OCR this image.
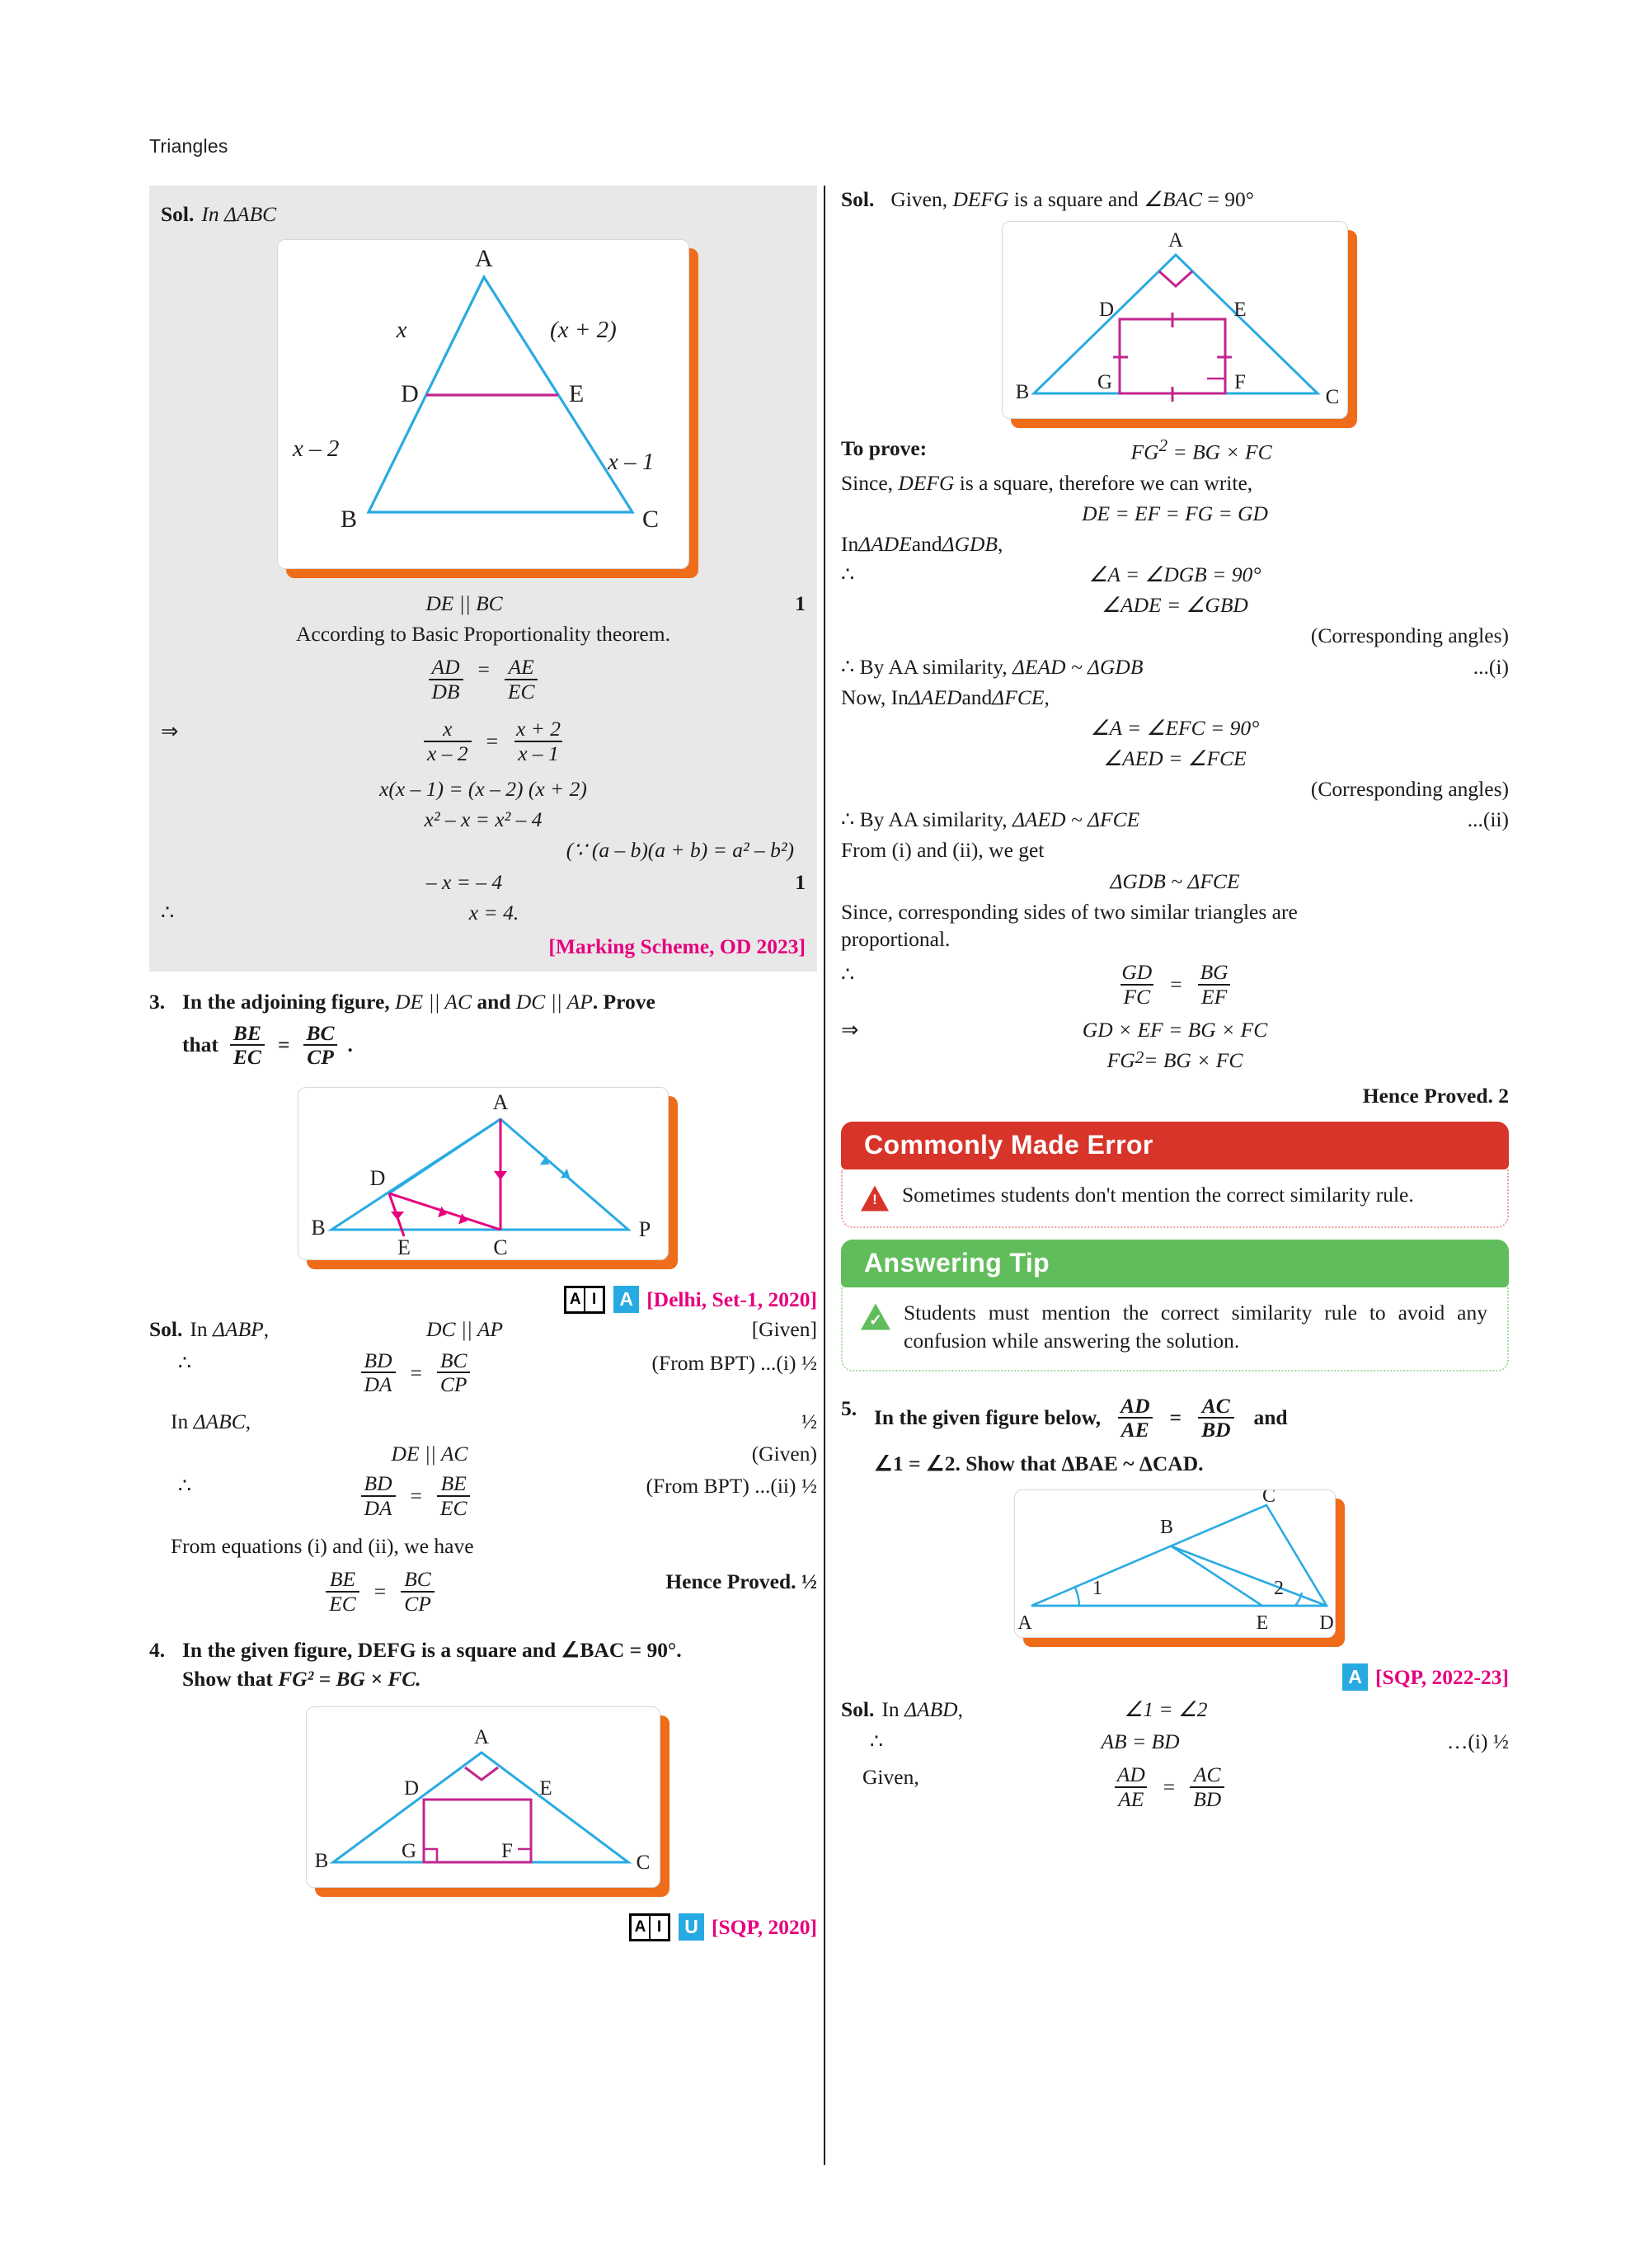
Triangles
Sol. In ΔABC
A
B	C
D	E
x	(x + 2)
x – 2	x – 1
DE || BC	1
According to Basic Proportionality theorem.
$\frac{AD}{DB} = \frac{AE}{EC}$
⇒	$\frac{x}{x - 2} = \frac{x + 2}{x - 1}$
x(x – 1) = (x – 2) (x + 2)
x² – x = x² – 4
(∵ (a – b)(a + b) = a² – b²)
– x = – 4	1
∴	x = 4.
[Marking Scheme, OD 2023]
3. In the adjoining figure, DE || AC and DC || AP. Prove
that $\frac{BE}{EC} = \frac{BC}{CP}$ .
A
D
B
E	C
P
A I	A [Delhi, Set-1, 2020]
Sol. In ΔABP,	DC || AP	[Given]
∴	$\frac{BD}{DA} = \frac{BC}{CP}$	(From BPT) ...(i) ½
In ΔABC,	½
DE || AC	(Given)
∴	$\frac{BD}{DA} = \frac{BE}{EC}$	(From BPT) ...(ii) ½
From equations (i) and (ii), we have
$\frac{BE}{EC} = \frac{BC}{CP}$	Hence Proved. ½
4. In the given figure, DEFG is a square and ∠BAC = 90°.
Show that FG² = BG × FC.
A
D	E
B	G	F
C
A I	U [SQP, 2020]
Sol. Given, DEFG is a square and ∠BAC = 90°
A
D	E
B	G	F
C
To prove:	$FG^2$ = BG × FC
Since, DEFG is a square, therefore we can write,
DE = EF = FG = GD
In ΔADE and ΔGDB ,
∴	∠A = ∠DGB = 90°
∠ADE = ∠GBD
(Corresponding angles)
∴ By AA similarity, ΔEAD ~ ΔGDB	...(i)
Now, In ΔAED and ΔFCE ,
∠A = ∠EFC = 90°
∠AED = ∠FCE
(Corresponding angles)
∴ By AA similarity, ΔAED ~ ΔFCE	...(ii)
From (i) and (ii), we get
ΔGDB ~ ΔFCE
Since, corresponding sides of two similar triangles are
proportional.
∴	$\frac{GD}{FC} = \frac{BG}{EF}$
⇒	GD × EF = BG × FC
FG 2 = BG × FC
Hence Proved. 2
Commonly Made Error
!

Sometimes students don't mention the correct similarity rule.

Answering Tip
✓

Students must mention the correct similarity rule to avoid any confusion while answering the solution.

5. In the given figure below, $\frac{AD}{AE} = \frac{AC}{BD}$ and
∠1 = ∠2. Show that ΔBAE ~ ΔCAD.
1	2
A
B
C
E	D
A [SQP, 2022-23]
Sol. In ΔABD,	∠1 = ∠2
∴	AB = BD	…(i) ½
Given,	$\frac{AD}{AE} = \frac{AC}{BD}$
